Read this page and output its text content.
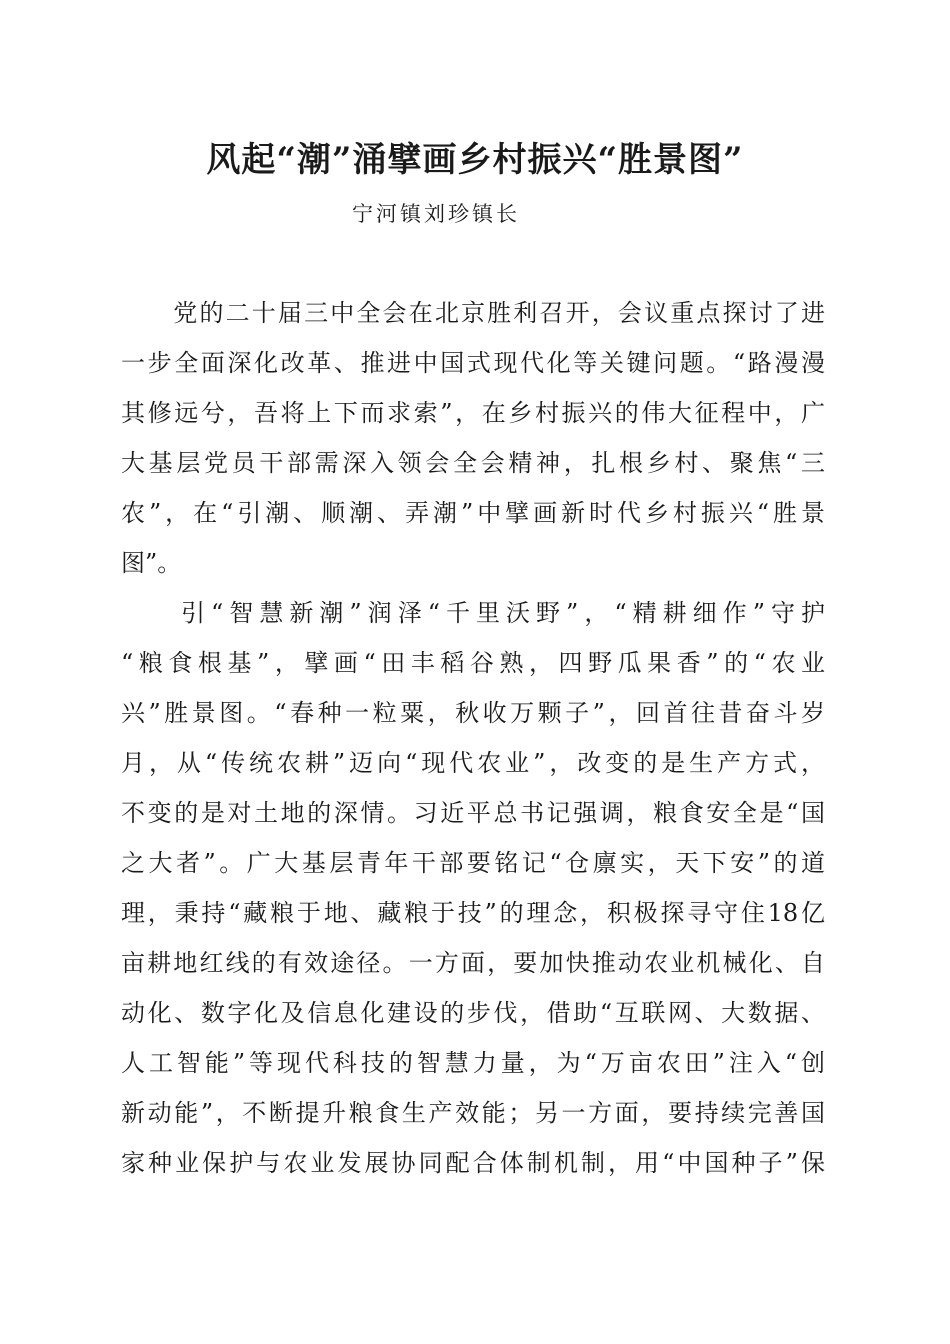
风起“潮”涌擘画乡村振兴“胜景图”

宁河镇刘珍镇长

　　党的二十届三中全会在北京胜利召开，会议重点探讨了进
一步全面深化改革、推进中国式现代化等关键问题。“路漫漫
其修远兮，吾将上下而求索”，在乡村振兴的伟大征程中，广
大基层党员干部需深入领会全会精神，扎根乡村、聚焦“三
农”，在“引潮、顺潮、弄潮”中擘画新时代乡村振兴“胜景
图”。
　　引“智慧新潮”润泽“千里沃野”，“精耕细作”守护
“粮食根基”，擘画“田丰稻谷熟，四野瓜果香”的“农业
兴”胜景图。“春种一粒粟，秋收万颗子”，回首往昔奋斗岁
月，从“传统农耕”迈向“现代农业”，改变的是生产方式，
不变的是对土地的深情。习近平总书记强调，粮食安全是“国
之大者”。广大基层青年干部要铭记“仓廪实，天下安”的道
理，秉持“藏粮于地、藏粮于技”的理念，积极探寻守住18亿
亩耕地红线的有效途径。一方面，要加快推动农业机械化、自
动化、数字化及信息化建设的步伐，借助“互联网、大数据、
人工智能”等现代科技的智慧力量，为“万亩农田”注入“创
新动能”，不断提升粮食生产效能；另一方面，要持续完善国
家种业保护与农业发展协同配合体制机制，用“中国种子”保
